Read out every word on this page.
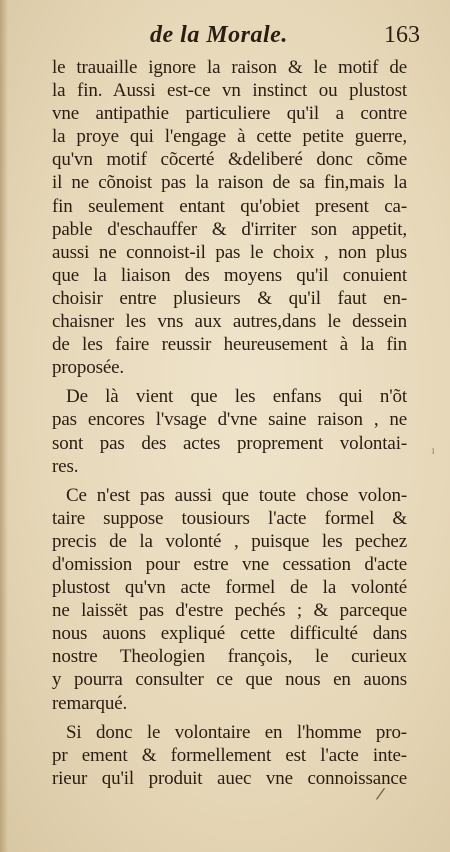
de la Morale.	163
le trauaille ignore la raison & le motif de
la fin. Aussi est-ce vn instinct ou plustost
vne antipathie particuliere qu'il a contre
la proye qui l'engage à cette petite guerre,
qu'vn motif cõcerté &deliberé donc cõme
il ne cõnoist pas la raison de sa fin,mais la
fin seulement entant qu'obiet present ca-
pable d'eschauffer & d'irriter son appetit,
aussi ne connoist-il pas le choix , non plus
que la liaison des moyens qu'il conuient
choisir entre plusieurs & qu'il faut en-
chaisner les vns aux autres,dans le dessein
de les faire reussir heureusement à la fin
proposée.
De là vient que les enfans qui n'õt
pas encores l'vsage d'vne saine raison , ne
sont pas des actes proprement volontai-
res.
Ce n'est pas aussi que toute chose volon-
taire suppose tousiours l'acte formel &
precis de la volonté , puisque les pechez
d'omission pour estre vne cessation d'acte
plustost qu'vn acte formel de la volonté
ne laissët pas d'estre pechés ; & parceque
nous auons expliqué cette difficulté dans
nostre Theologien françois, le curieux
y pourra consulter ce que nous en auons
remarqué.
Si donc le volontaire en l'homme pro-
pr ement & formellement est l'acte inte-
rieur qu'il produit auec vne connoissance
ˡ
/
